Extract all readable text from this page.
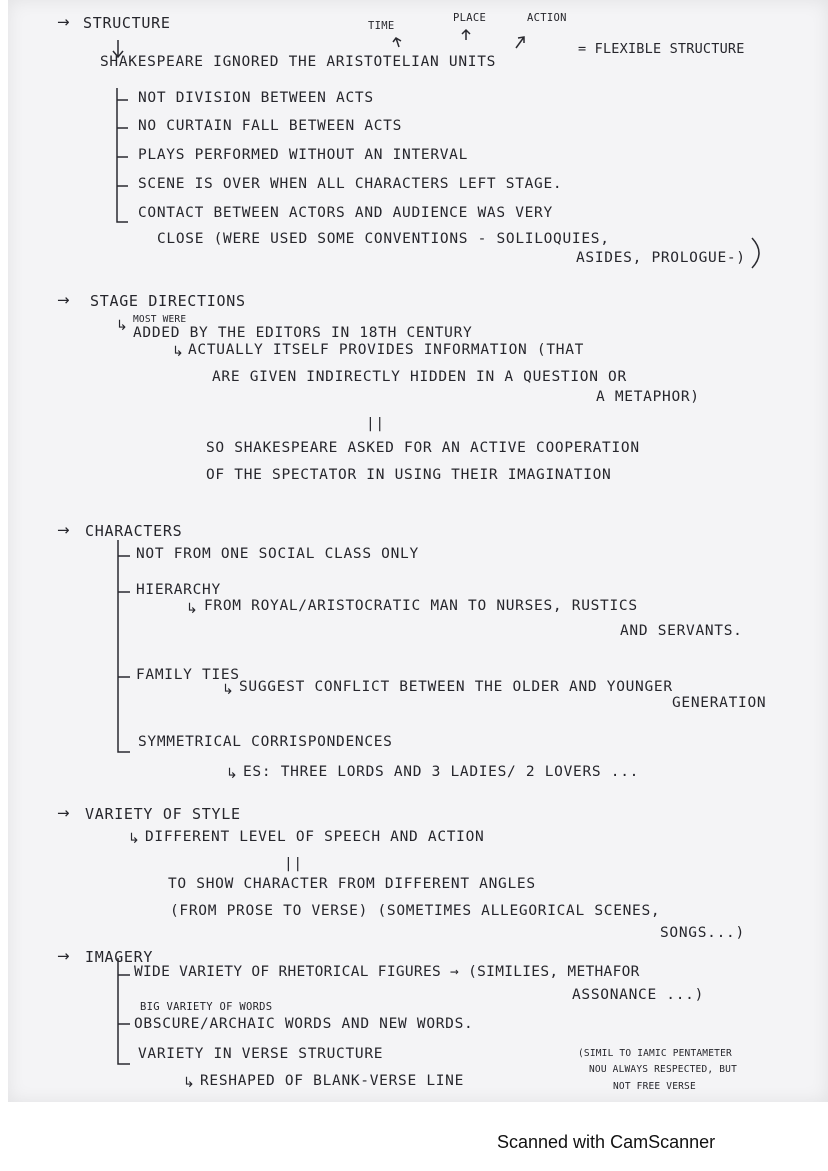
→ STRUCTURE	TIME
PLACE	ACTION
SHAKESPEARE IGNORED THE ARISTOTELIAN UNITS
= FLEXIBLE STRUCTURE
NOT DIVISION BETWEEN ACTS
NO CURTAIN FALL BETWEEN ACTS
PLAYS PERFORMED WITHOUT AN INTERVAL
SCENE IS OVER WHEN ALL CHARACTERS LEFT STAGE.
CONTACT BETWEEN ACTORS AND AUDIENCE WAS VERY
CLOSE (WERE USED SOME CONVENTIONS - SOLILOQUIES,
ASIDES, PROLOGUE-)
→ STAGE DIRECTIONS
MOST WERE
↳ ADDED BY THE EDITORS IN 18TH CENTURY
↳ ACTUALLY ITSELF PROVIDES INFORMATION (THAT
ARE GIVEN INDIRECTLY HIDDEN IN A QUESTION OR
A METAPHOR)
||
SO SHAKESPEARE ASKED FOR AN ACTIVE COOPERATION
OF THE SPECTATOR IN USING THEIR IMAGINATION
→ CHARACTERS
NOT FROM ONE SOCIAL CLASS ONLY
HIERARCHY
↳ FROM ROYAL/ARISTOCRATIC MAN TO NURSES, RUSTICS
AND SERVANTS.
FAMILY TIES
↳ SUGGEST CONFLICT BETWEEN THE OLDER AND YOUNGER
GENERATION
SYMMETRICAL CORRISPONDENCES
↳ ES: THREE LORDS AND 3 LADIES/ 2 LOVERS ...
→ VARIETY OF STYLE
↳ DIFFERENT LEVEL OF SPEECH AND ACTION
||
TO SHOW CHARACTER FROM DIFFERENT ANGLES
(FROM PROSE TO VERSE) (SOMETIMES ALLEGORICAL SCENES,
SONGS...)
→ IMAGERY
WIDE VARIETY OF RHETORICAL FIGURES → (SIMILIES, METHAFOR
ASSONANCE ...)
BIG VARIETY OF WORDS
OBSCURE/ARCHAIC WORDS AND NEW WORDS.
VARIETY IN VERSE STRUCTURE
↳ RESHAPED OF BLANK-VERSE LINE
(SIMIL TO IAMIC PENTAMETER
NOU ALWAYS RESPECTED, BUT
NOT FREE VERSE
Scanned with CamScanner
